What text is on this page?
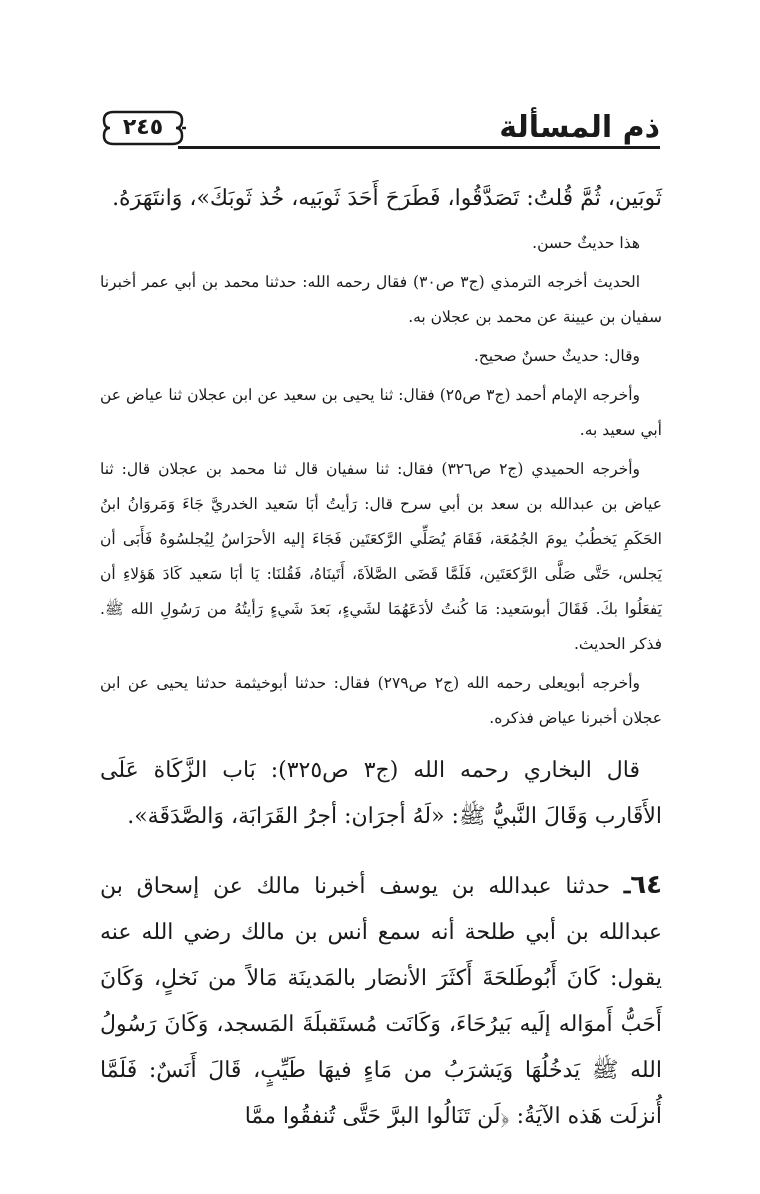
ذم المسألة
٢٤٥

ثَوبَين، ثُمَّ قُلتُ: تَصَدَّقُوا، فَطَرَحَ أَحَدَ ثَوبَيه، خُذ ثَوبَكَ»، وَانتَهَرَهُ.

هذا حديثٌ حسن.

الحديث أخرجه الترمذي (ج٣ ص٣٠) فقال رحمه الله: حدثنا محمد بن أبي عمر أخبرنا سفيان بن عيينة عن محمد بن عجلان به.

وقال: حديثٌ حسنٌ صحيح.

وأخرجه الإمام أحمد (ج٣ ص٢٥) فقال: ثنا يحيى بن سعيد عن ابن عجلان ثنا عياض عن أبي سعيد به.

وأخرجه الحميدي (ج٢ ص٣٢٦) فقال: ثنا سفيان قال ثنا محمد بن عجلان قال: ثنا عياض بن عبدالله بن سعد بن أبي سرح قال: رَأيتُ أبَا سَعيد الخدريَّ جَاءَ وَمَروَانُ ابنُ الحَكَمِ يَخطُبُ يومَ الجُمُعَة، فَقَامَ يُصَلِّي الرَّكعَتَين فَجَاءَ إليه الأحرَاسُ لِيُجلسُوهُ فَأَبَى أن يَجلس، حَتَّى صَلَّى الرَّكعَتَين، فَلَمَّا قَضَى الصَّلاَةَ، أَتَينَاهُ، فَقُلنَا: يَا أبَا سَعيد كَادَ هَؤلاءِ أن يَفعَلُوا بكَ. فَقَالَ أبوسَعيد: مَا كُنتُ لأدَعَهُمَا لشَيءٍ، بَعدَ شَيءٍ رَأيتُهُ من رَسُولِ الله ﷺ. فذكر الحديث.

وأخرجه أبويعلى رحمه الله (ج٢ ص٢٧٩) فقال: حدثنا أبوخيثمة حدثنا يحيى عن ابن عجلان أخبرنا عياض فذكره.

قال البخاري رحمه الله (ج٣ ص٣٢٥): بَاب الزَّكَاة عَلَى الأَقَارب وَقَالَ النَّبيُّ ﷺ: «لَهُ أجرَان: أجرُ القَرَابَة، وَالصَّدَقَة».

٦٤ـ حدثنا عبدالله بن يوسف أخبرنا مالك عن إسحاق بن عبدالله بن أبي طلحة أنه سمع أنس بن مالك رضي الله عنه يقول: كَانَ أَبُوطَلحَةَ أَكثَرَ الأنصَار بالمَدينَة مَالاً من نَخلٍ، وَكَانَ أَحَبُّ أَموَاله إلَيه بَيرُحَاءَ، وَكَانَت مُستَقبلَةَ المَسجد، وَكَانَ رَسُولُ الله ﷺ يَدخُلُهَا وَيَشرَبُ من مَاءٍ فيهَا طَيِّبٍ، قَالَ أَنَسٌ: فَلَمَّا أُنزلَت هَذه الآيَةُ: ﴿لَن تَنَالُوا البرَّ حَتَّى تُنفقُوا ممَّا
